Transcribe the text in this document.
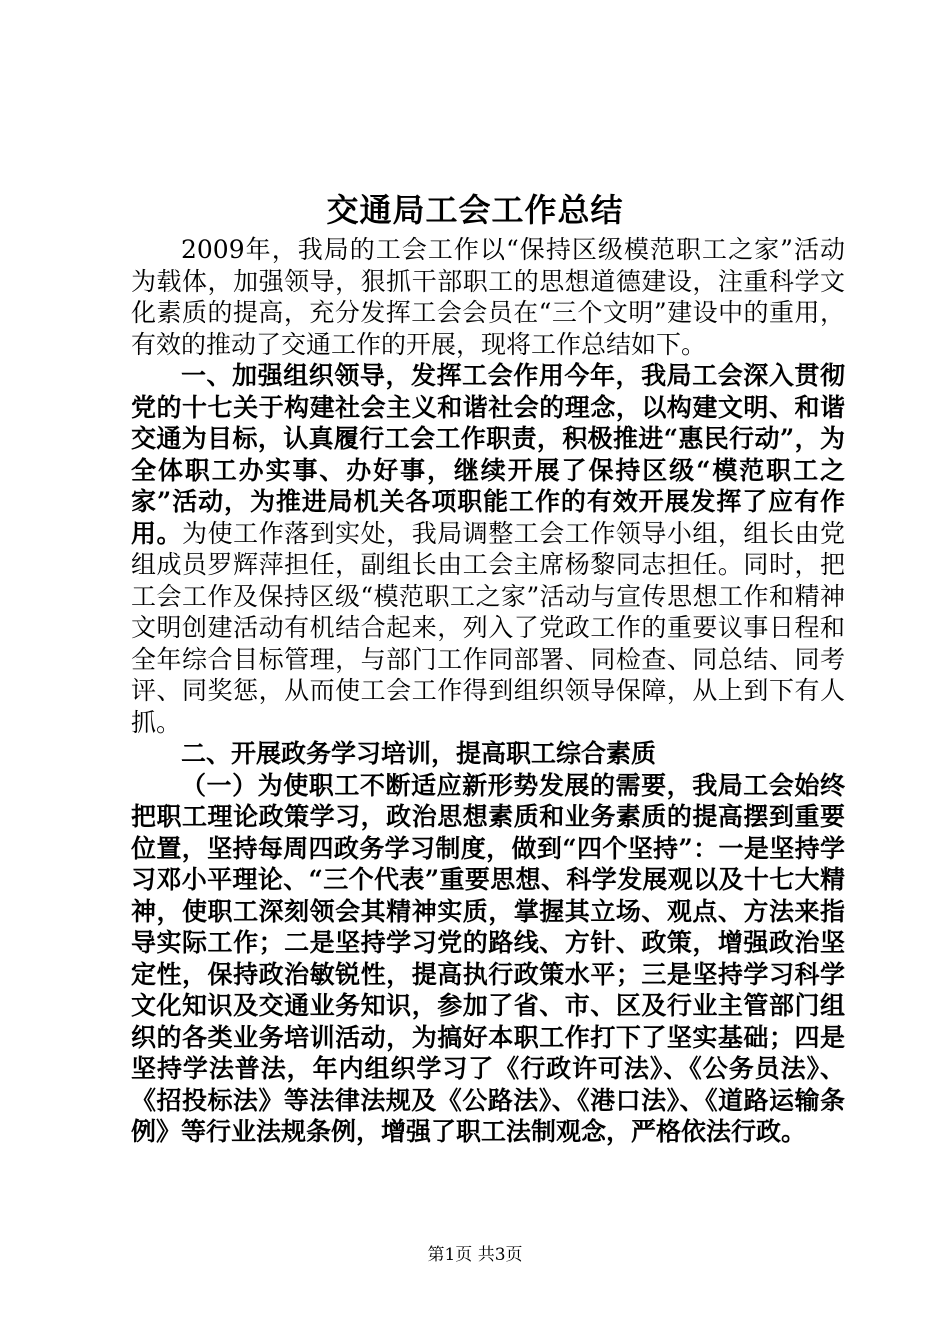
交通局工会工作总结

2009年，我局的工会工作以“保持区级模范职工之家”活动为载体，加强领导，狠抓干部职工的思想道德建设，注重科学文化素质的提高，充分发挥工会会员在“三个文明”建设中的重用，有效的推动了交通工作的开展，现将工作总结如下。

一、加强组织领导，发挥工会作用今年，我局工会深入贯彻党的十七关于构建社会主义和谐社会的理念，以构建文明、和谐交通为目标，认真履行工会工作职责，积极推进“惠民行动”，为全体职工办实事、办好事，继续开展了保持区级“模范职工之家”活动，为推进局机关各项职能工作的有效开展发挥了应有作用。为使工作落到实处，我局调整工会工作领导小组，组长由党组成员罗辉萍担任，副组长由工会主席杨黎同志担任。同时，把工会工作及保持区级“模范职工之家”活动与宣传思想工作和精神文明创建活动有机结合起来，列入了党政工作的重要议事日程和全年综合目标管理，与部门工作同部署、同检查、同总结、同考评、同奖惩，从而使工会工作得到组织领导保障，从上到下有人抓。

二、开展政务学习培训，提高职工综合素质

（一）为使职工不断适应新形势发展的需要，我局工会始终把职工理论政策学习，政治思想素质和业务素质的提高摆到重要位置，坚持每周四政务学习制度，做到“四个坚持”：一是坚持学习邓小平理论、“三个代表”重要思想、科学发展观以及十七大精神，使职工深刻领会其精神实质，掌握其立场、观点、方法来指导实际工作；二是坚持学习党的路线、方针、政策，增强政治坚定性，保持政治敏锐性，提高执行政策水平；三是坚持学习科学文化知识及交通业务知识，参加了省、市、区及行业主管部门组织的各类业务培训活动，为搞好本职工作打下了坚实基础；四是坚持学法普法，年内组织学习了《行政许可法》、《公务员法》、《招投标法》等法律法规及《公路法》、《港口法》、《道路运输条例》等行业法规条例，增强了职工法制观念，严格依法行政。

第1页 共3页
